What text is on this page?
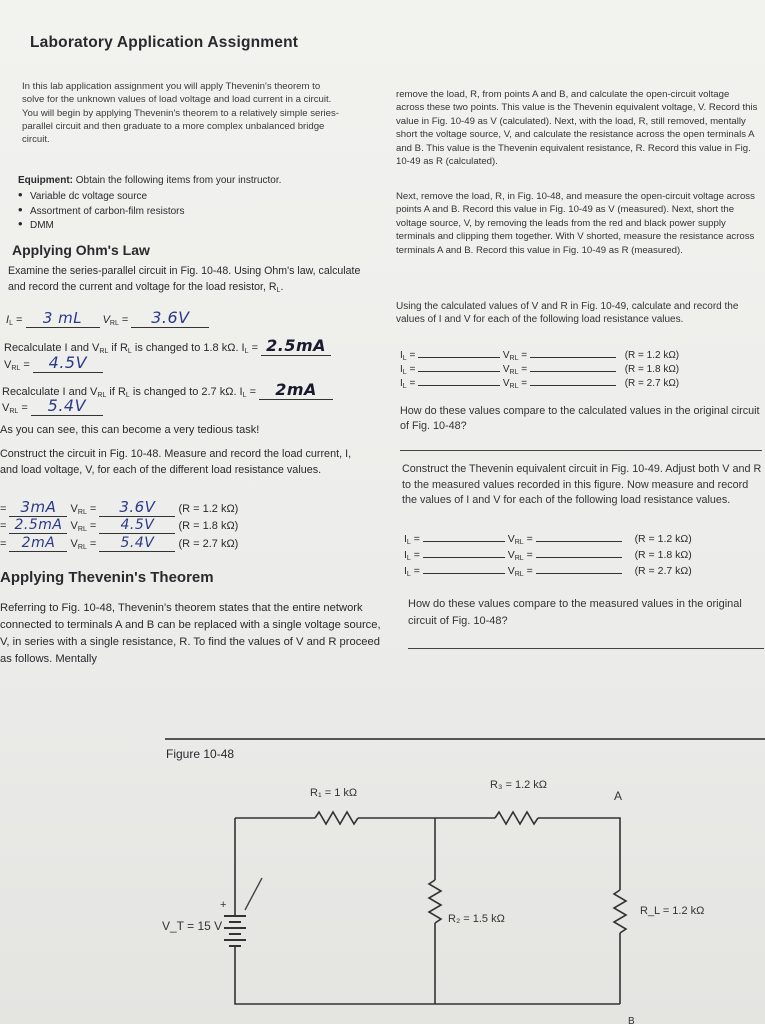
Laboratory Application Assignment
In this lab application assignment you will apply Thevenin's theorem to solve for the unknown values of load voltage and load current in a circuit. You will begin by applying Thevenin's theorem to a relatively simple series-parallel circuit and then graduate to a more complex unbalanced bridge circuit.
Equipment: Obtain the following items from your instructor.
• Variable dc voltage source
• Assortment of carbon-film resistors
• DMM
Applying Ohm's Law
Examine the series-parallel circuit in Fig. 10-48. Using Ohm's law, calculate and record the current and voltage for the load resistor, $R_L$.
$I_L = 3$ mL $V_{RL} = 3.6V$
Recalculate I and $V_{RL}$ if $R_L$ is changed to 1.8 kΩ. $I_L = 2.5mA$
$V_{RL} = 4.5V$
Recalculate I and $V_{RL}$ if $R_L$ is changed to 2.7 kΩ. $I_L = 2mA$
$V_{RL} = 5.4V$
As you can see, this can become a very tedious task!
Construct the circuit in Fig. 10-48. Measure and record the load current, I, and load voltage, V, for each of the different load resistance values.
= 3mA $V_{RL} = 3.6V$ (R = 1.2 kΩ)
= 2.5mA $V_{RL} = 4.5V$ (R = 1.8 kΩ)
= 2mA $V_{RL} = 5.4V$ (R = 2.7 kΩ)
Applying Thevenin's Theorem
Referring to Fig. 10-48, Thevenin's theorem states that the entire network connected to terminals A and B can be replaced with a single voltage source, V, in series with a single resistance, R. To find the values of V and R proceed as follows. Mentally
remove the load, R, from points A and B, and calculate the open-circuit voltage across these two points. This value is the Thevenin equivalent voltage, V. Record this value in Fig. 10-49 as V (calculated). Next, with the load, R, still removed, mentally short the voltage source, V, and calculate the resistance across the open terminals A and B. This value is the Thevenin equivalent resistance, R. Record this value in Fig. 10-49 as R (calculated).
Next, remove the load, R, in Fig. 10-48, and measure the open-circuit voltage across points A and B. Record this value in Fig. 10-49 as V (measured). Next, short the voltage source, V, by removing the leads from the red and black power supply terminals and clipping them together. With V shorted, measure the resistance across terminals A and B. Record this value in Fig. 10-49 as R (measured).
Using the calculated values of V and R in Fig. 10-49, calculate and record the values of I and V for each of the following load resistance values.
$I_L$ =	$V_{RL}$ =	(R = 1.2 kΩ)
$I_L$ =	$V_{RL}$ =	(R = 1.8 kΩ)
$I_L$ =	$V_{RL}$ =	(R = 2.7 kΩ)
How do these values compare to the calculated values in the original circuit of Fig. 10-48?
Construct the Thevenin equivalent circuit in Fig. 10-49. Adjust both V and R to the measured values recorded in this figure. Now measure and record the values of I and V for each of the following load resistance values.
$I_L$ =	$V_{RL}$ =	(R = 1.2 kΩ)
$I_L$ =	$V_{RL}$ =	(R = 1.8 kΩ)
$I_L$ =	$V_{RL}$ =	(R = 2.7 kΩ)
How do these values compare to the measured values in the original circuit of Fig. 10-48?
Figure 10-48
R₁ = 1 kΩ
R₃ = 1.2 kΩ
R₂ = 1.5 kΩ
R_L = 1.2 kΩ
V_T = 15 V
A
+
B
